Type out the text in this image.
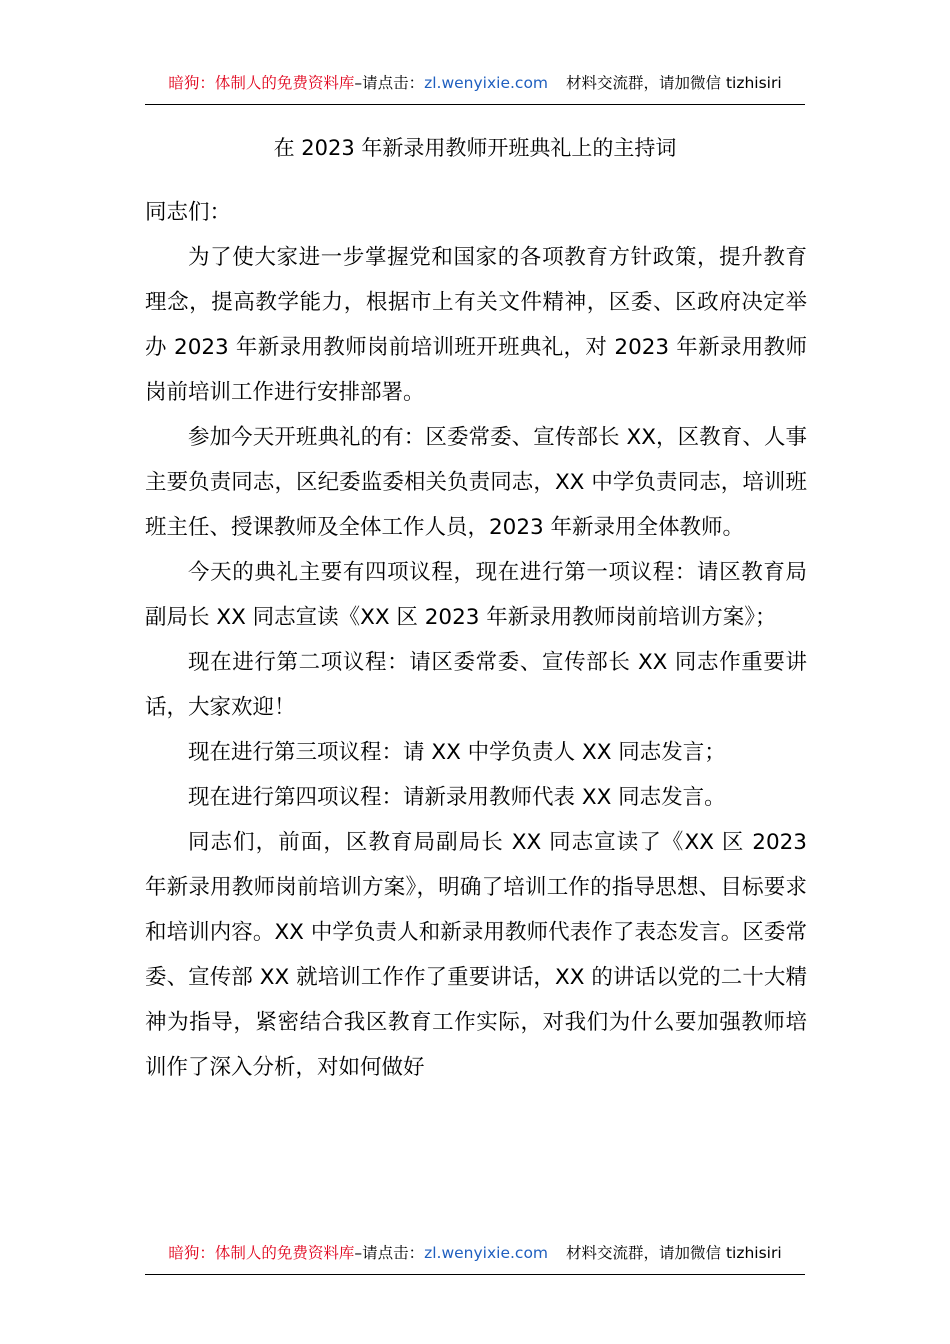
暗狗：体制人的免费资料库–请点击：zl.wenyixie.com 材料交流群，请加微信 tizhisiri
在 2023 年新录用教师开班典礼上的主持词

同志们：

为了使大家进一步掌握党和国家的各项教育方针政策，提升教育理念，提高教学能力，根据市上有关文件精神，区委、区政府决定举办 2023 年新录用教师岗前培训班开班典礼，对 2023 年新录用教师岗前培训工作进行安排部署。

参加今天开班典礼的有：区委常委、宣传部长 XX，区教育、人事主要负责同志，区纪委监委相关负责同志，XX 中学负责同志，培训班班主任、授课教师及全体工作人员，2023 年新录用全体教师。

今天的典礼主要有四项议程，现在进行第一项议程：请区教育局副局长 XX 同志宣读《XX 区 2023 年新录用教师岗前培训方案》；

现在进行第二项议程：请区委常委、宣传部长 XX 同志作重要讲话，大家欢迎！

现在进行第三项议程：请 XX 中学负责人 XX 同志发言；

现在进行第四项议程：请新录用教师代表 XX 同志发言。

同志们，前面，区教育局副局长 XX 同志宣读了《XX 区 2023 年新录用教师岗前培训方案》，明确了培训工作的指导思想、目标要求和培训内容。XX 中学负责人和新录用教师代表作了表态发言。区委常委、宣传部 XX 就培训工作作了重要讲话，XX 的讲话以党的二十大精神为指导，紧密结合我区教育工作实际，对我们为什么要加强教师培训作了深入分析，对如何做好

暗狗：体制人的免费资料库–请点击：zl.wenyixie.com 材料交流群，请加微信 tizhisiri
